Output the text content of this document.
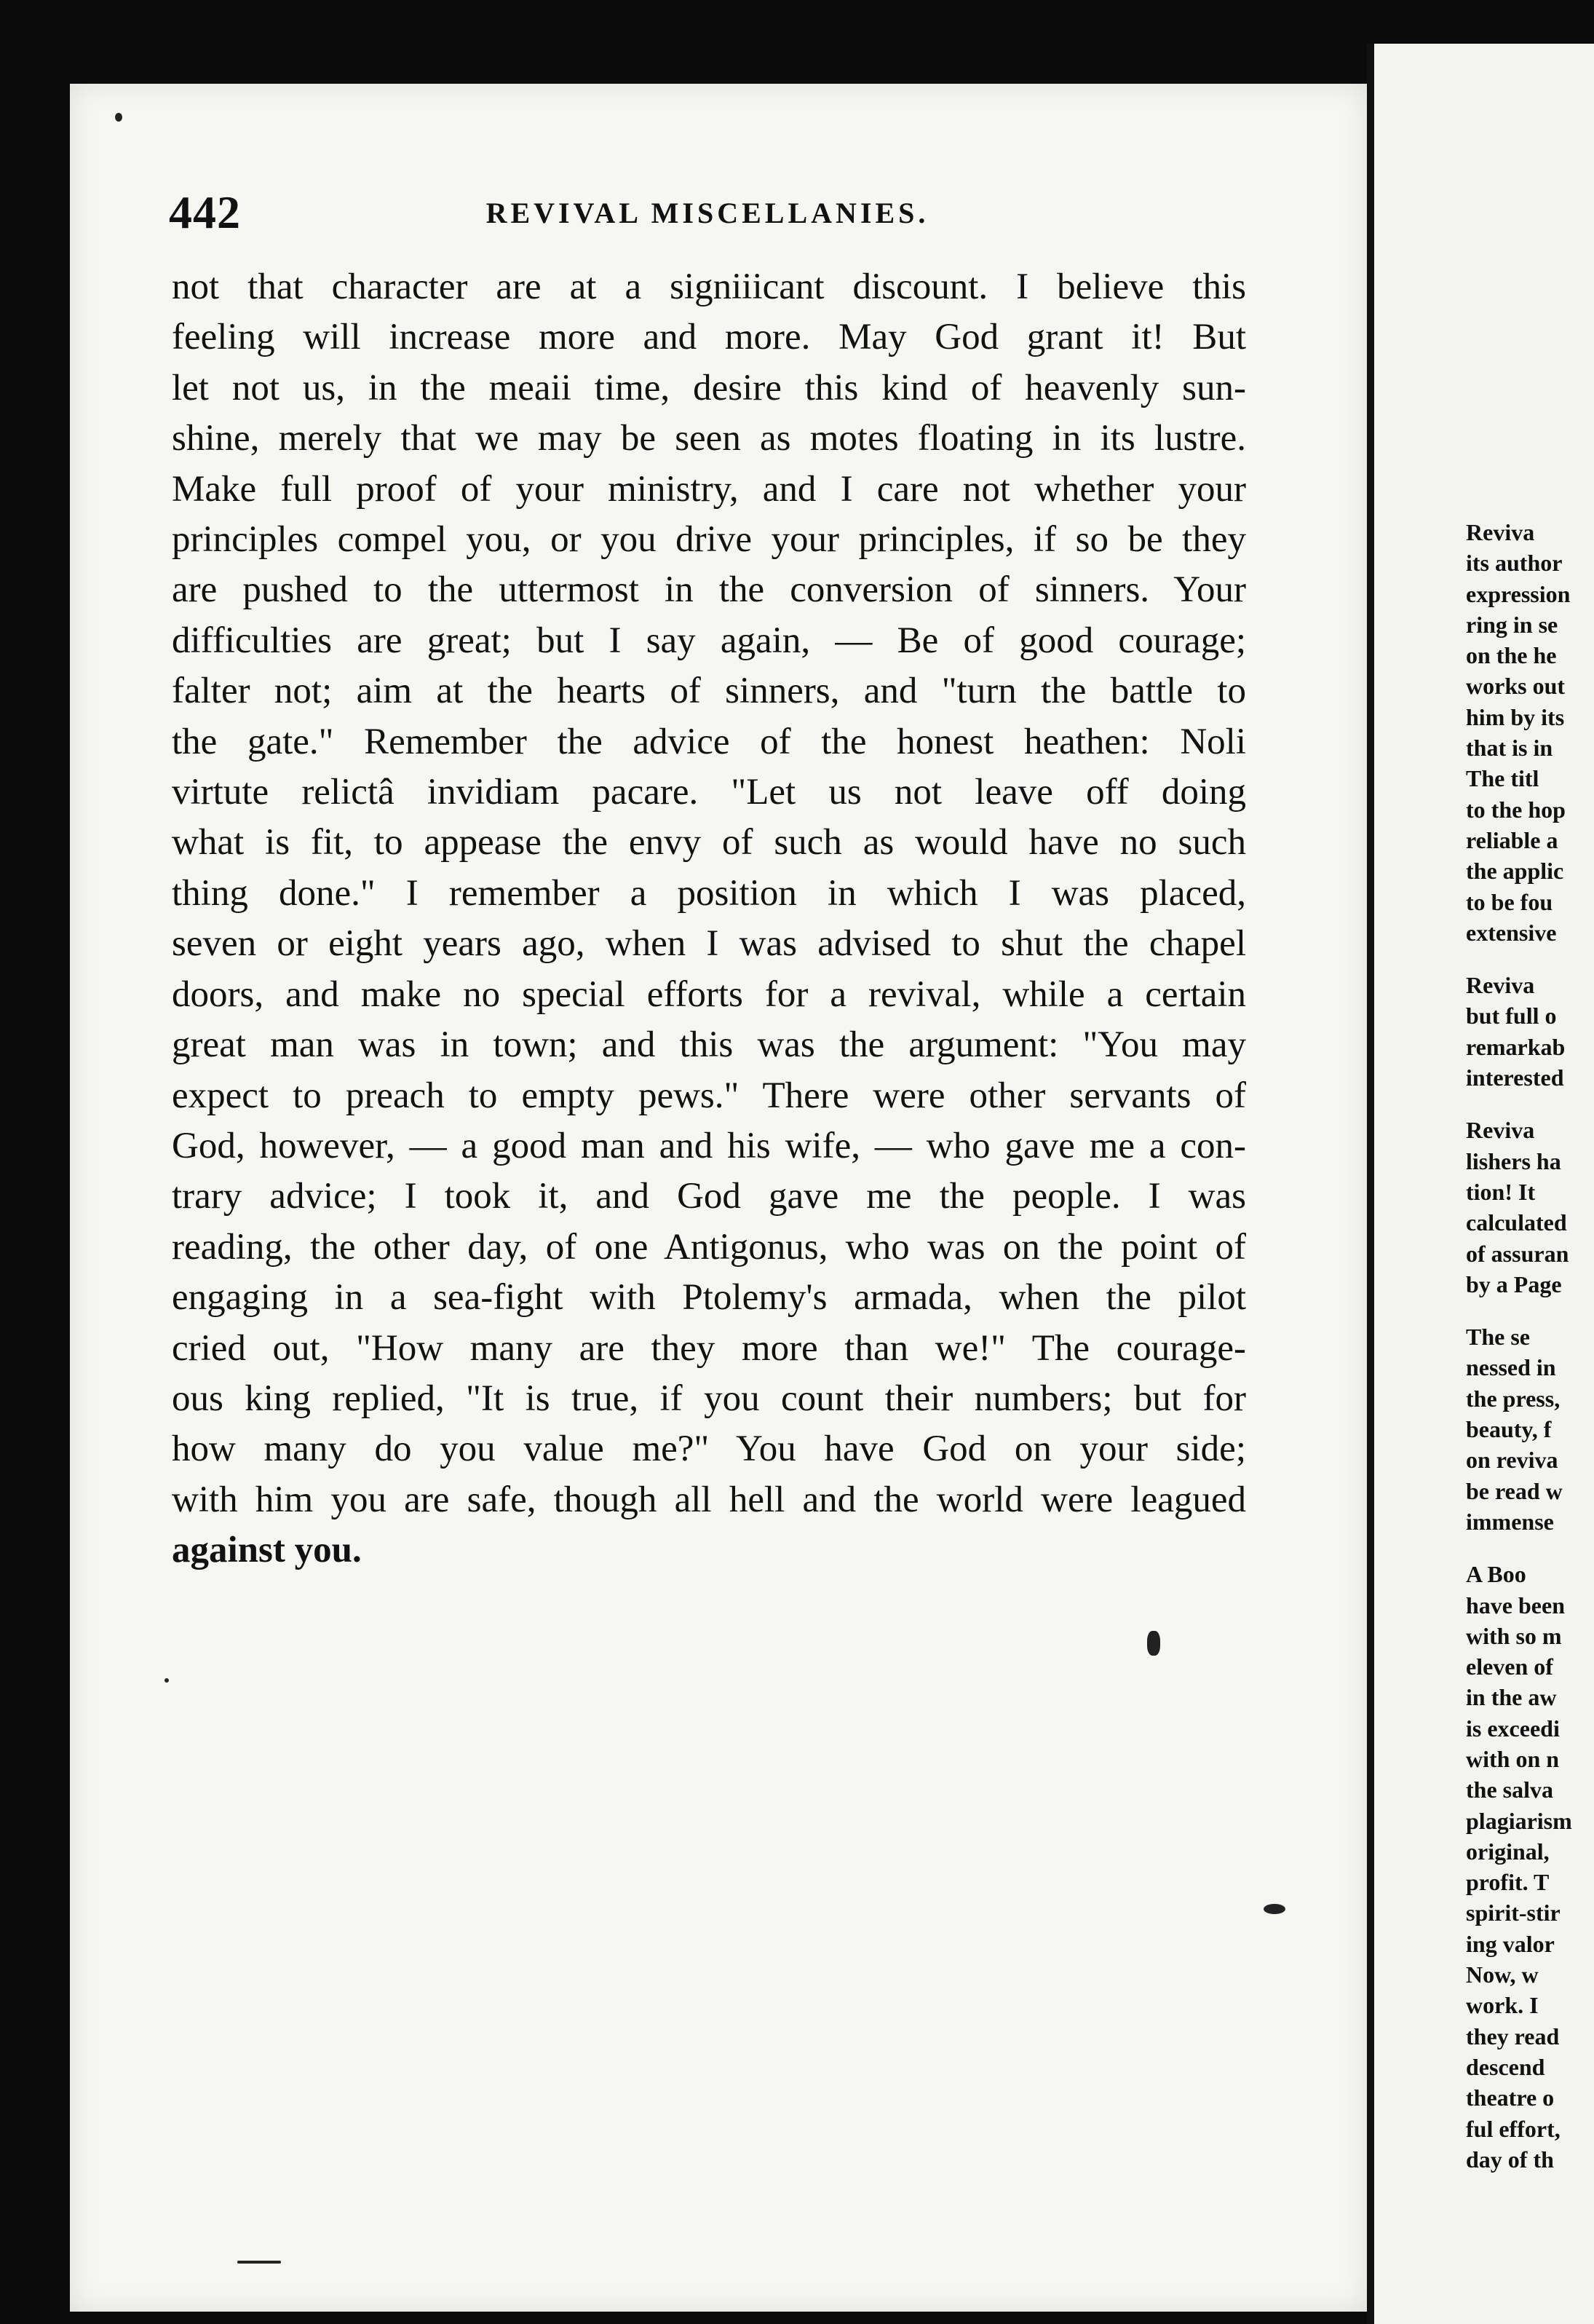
Reviva
its author
expression
ring in se
on the he
works out
him by its
that is in
The titl
to the hop
reliable a
the applic
to be fou
extensive
Reviva
but full o
remarkab
interested
Reviva
lishers ha
tion! It
calculated
of assuran
by a Page
The se
nessed in
the press,
beauty, f
on reviva
be read w
immense
A Boo
have been
with so m
eleven of
in the aw
is exceedi
with on n
the salva
plagiarism
original,
profit. T
spirit-stir
ing valor
Now, w
work. I
they read
descend
theatre o
ful effort,
day of th
442	REVIVAL MISCELLANIES.
not that character are at a signiiicant discount. I believe this
feeling will increase more and more. May God grant it! But
let not us, in the meaii time, desire this kind of heavenly sun-
shine, merely that we may be seen as motes floating in its lustre.
Make full proof of your ministry, and I care not whether your
principles compel you, or you drive your principles, if so be they
are pushed to the uttermost in the conversion of sinners. Your
difficulties are great; but I say again, — Be of good courage;
falter not; aim at the hearts of sinners, and "turn the battle to
the gate." Remember the advice of the honest heathen: Noli
virtute relictâ invidiam pacare. "Let us not leave off doing
what is fit, to appease the envy of such as would have no such
thing done." I remember a position in which I was placed,
seven or eight years ago, when I was advised to shut the chapel
doors, and make no special efforts for a revival, while a certain
great man was in town; and this was the argument: "You may
expect to preach to empty pews." There were other servants of
God, however, — a good man and his wife, — who gave me a con-
trary advice; I took it, and God gave me the people. I was
reading, the other day, of one Antigonus, who was on the point of
engaging in a sea-fight with Ptolemy's armada, when the pilot
cried out, "How many are they more than we!" The courage-
ous king replied, "It is true, if you count their numbers; but for
how many do you value me?" You have God on your side;
with him you are safe, though all hell and the world were leagued
against you.
